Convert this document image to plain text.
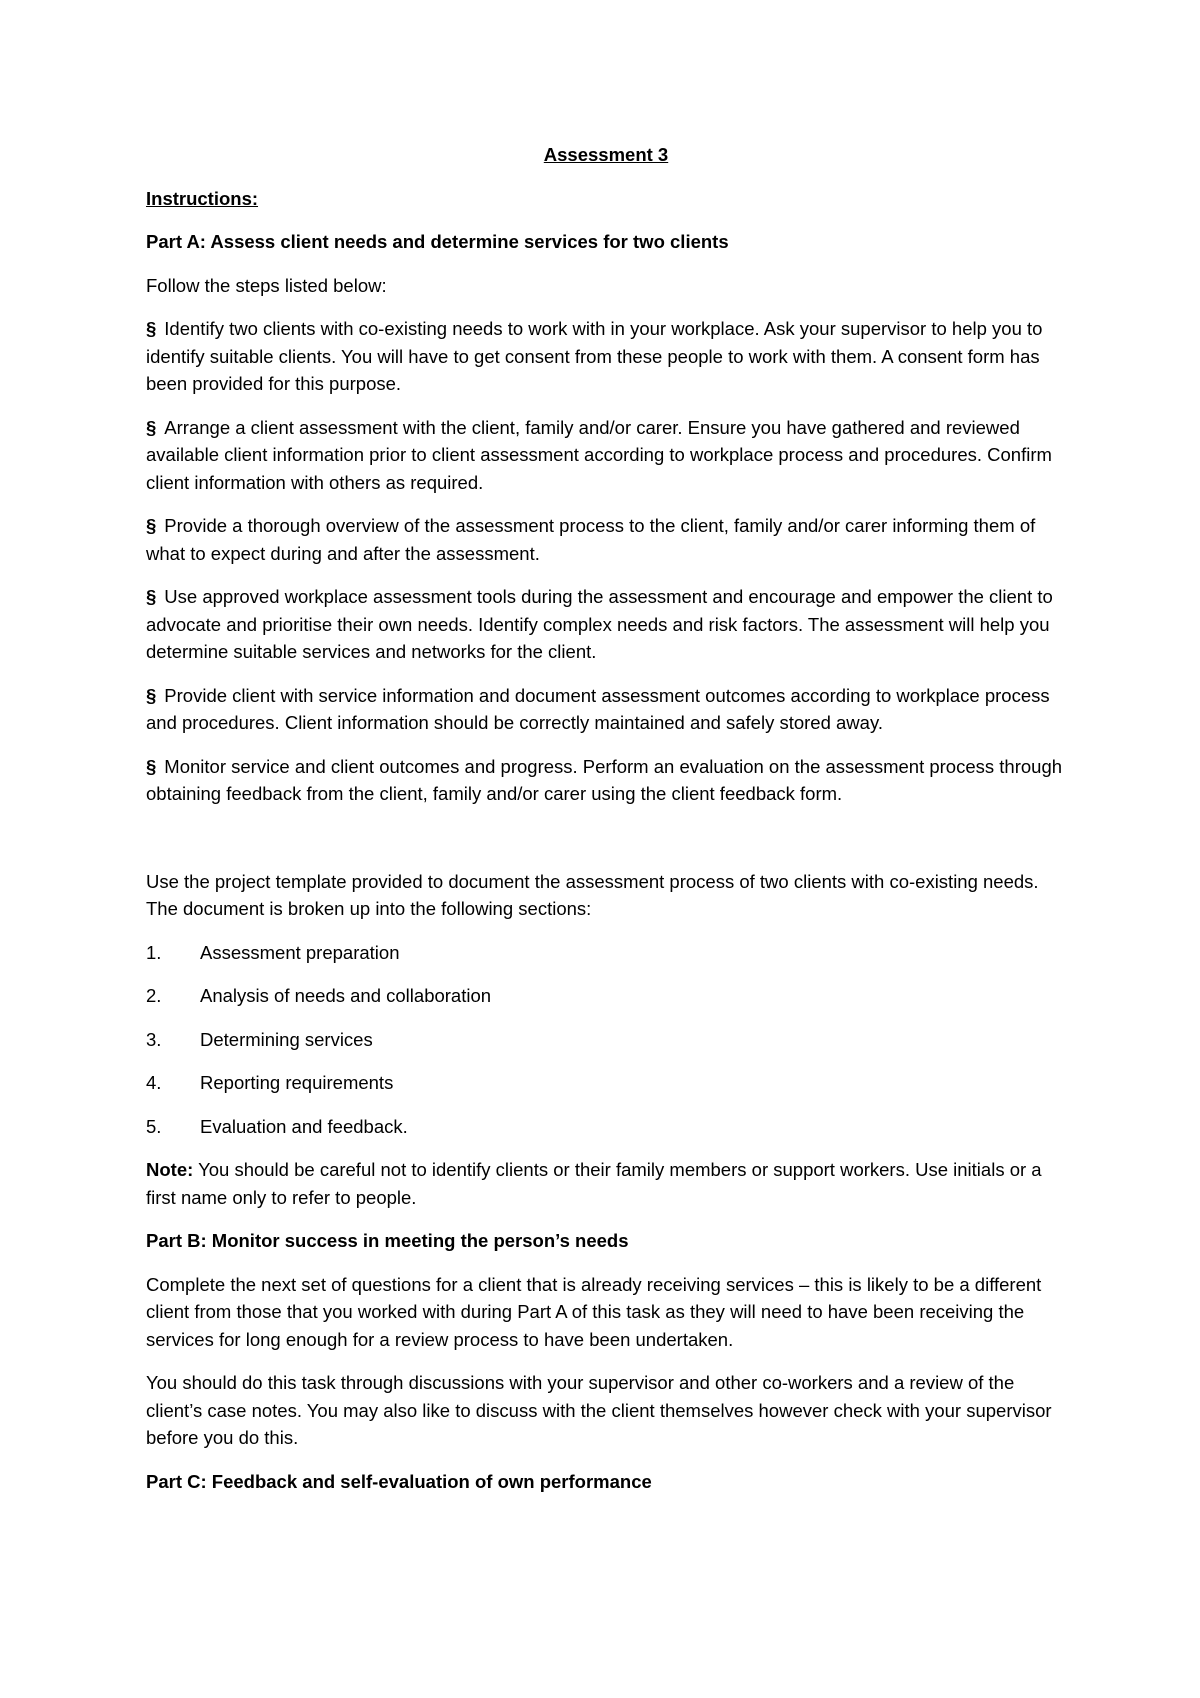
Assessment 3

Instructions:

Part A: Assess client needs and determine services for two clients

Follow the steps listed below:

§ Identify two clients with co-existing needs to work with in your workplace. Ask your supervisor to help you to identify suitable clients. You will have to get consent from these people to work with them. A consent form has been provided for this purpose.

§ Arrange a client assessment with the client, family and/or carer. Ensure you have gathered and reviewed available client information prior to client assessment according to workplace process and procedures. Confirm client information with others as required.

§ Provide a thorough overview of the assessment process to the client, family and/or carer informing them of what to expect during and after the assessment.

§ Use approved workplace assessment tools during the assessment and encourage and empower the client to advocate and prioritise their own needs. Identify complex needs and risk factors. The assessment will help you determine suitable services and networks for the client.

§ Provide client with service information and document assessment outcomes according to workplace process and procedures. Client information should be correctly maintained and safely stored away.

§ Monitor service and client outcomes and progress. Perform an evaluation on the assessment process through obtaining feedback from the client, family and/or carer using the client feedback form.

Use the project template provided to document the assessment process of two clients with co-existing needs. The document is broken up into the following sections:

1.	Assessment preparation
2.	Analysis of needs and collaboration
3.	Determining services
4.	Reporting requirements
5.	Evaluation and feedback.

Note: You should be careful not to identify clients or their family members or support workers. Use initials or a first name only to refer to people.

Part B: Monitor success in meeting the person’s needs

Complete the next set of questions for a client that is already receiving services – this is likely to be a different client from those that you worked with during Part A of this task as they will need to have been receiving the services for long enough for a review process to have been undertaken.

You should do this task through discussions with your supervisor and other co-workers and a review of the client’s case notes. You may also like to discuss with the client themselves however check with your supervisor before you do this.

Part C: Feedback and self-evaluation of own performance
